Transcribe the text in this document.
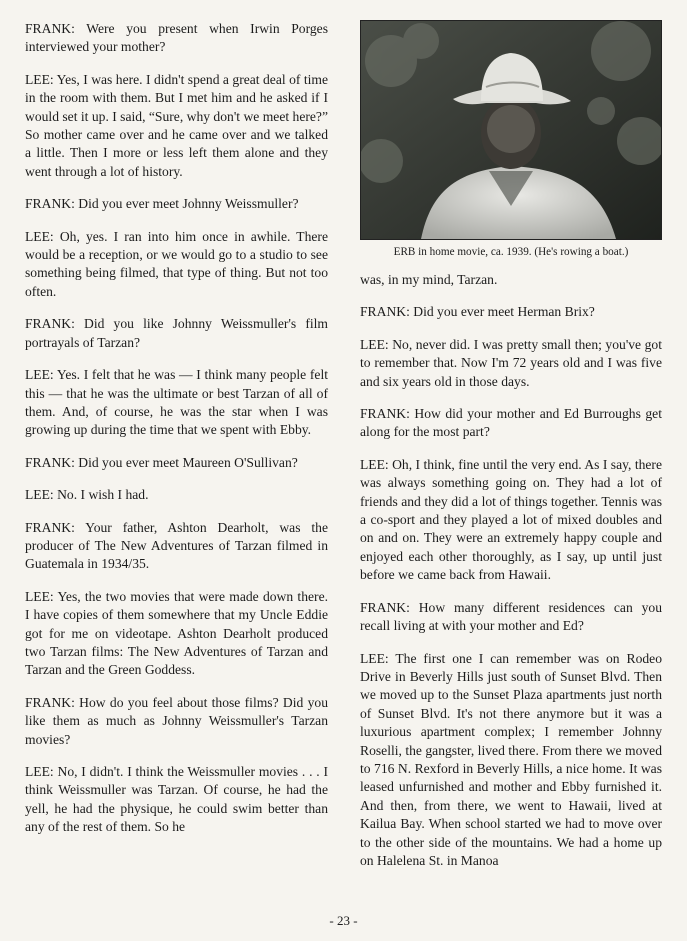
FRANK: Were you present when Irwin Porges interviewed your mother?

LEE: Yes, I was here. I didn't spend a great deal of time in the room with them. But I met him and he asked if I would set it up. I said, “Sure, why don't we meet here?” So mother came over and he came over and we talked a little. Then I more or less left them alone and they went through a lot of history.

FRANK: Did you ever meet Johnny Weissmuller?

LEE: Oh, yes. I ran into him once in awhile. There would be a reception, or we would go to a studio to see something being filmed, that type of thing. But not too often.

FRANK: Did you like Johnny Weissmuller's film portrayals of Tarzan?

LEE: Yes. I felt that he was — I think many people felt this — that he was the ultimate or best Tarzan of all of them. And, of course, he was the star when I was growing up during the time that we spent with Ebby.

FRANK: Did you ever meet Maureen O'Sullivan?

LEE: No. I wish I had.

FRANK: Your father, Ashton Dearholt, was the producer of The New Adventures of Tarzan filmed in Guatemala in 1934/35.

LEE: Yes, the two movies that were made down there. I have copies of them somewhere that my Uncle Eddie got for me on videotape. Ashton Dearholt produced two Tarzan films: The New Adventures of Tarzan and Tarzan and the Green Goddess.

FRANK: How do you feel about those films? Did you like them as much as Johnny Weissmuller's Tarzan movies?

LEE: No, I didn't. I think the Weissmuller movies . . . I think Weissmuller was Tarzan. Of course, he had the yell, he had the physique, he could swim better than any of the rest of them. So he

ERB in home movie, ca. 1939. (He's rowing a boat.)

was, in my mind, Tarzan.

FRANK: Did you ever meet Herman Brix?

LEE: No, never did. I was pretty small then; you've got to remember that. Now I'm 72 years old and I was five and six years old in those days.

FRANK: How did your mother and Ed Burroughs get along for the most part?

LEE: Oh, I think, fine until the very end. As I say, there was always something going on. They had a lot of friends and they did a lot of things together. Tennis was a co-sport and they played a lot of mixed doubles and on and on. They were an extremely happy couple and enjoyed each other thoroughly, as I say, up until just before we came back from Hawaii.

FRANK: How many different residences can you recall living at with your mother and Ed?

LEE: The first one I can remember was on Rodeo Drive in Beverly Hills just south of Sunset Blvd. Then we moved up to the Sunset Plaza apartments just north of Sunset Blvd. It's not there anymore but it was a luxurious apartment complex; I remember Johnny Roselli, the gangster, lived there. From there we moved to 716 N. Rexford in Beverly Hills, a nice home. It was leased unfurnished and mother and Ebby furnished it. And then, from there, we went to Hawaii, lived at Kailua Bay. When school started we had to move over to the other side of the mountains. We had a home up on Halelena St. in Manoa

- 23 -
